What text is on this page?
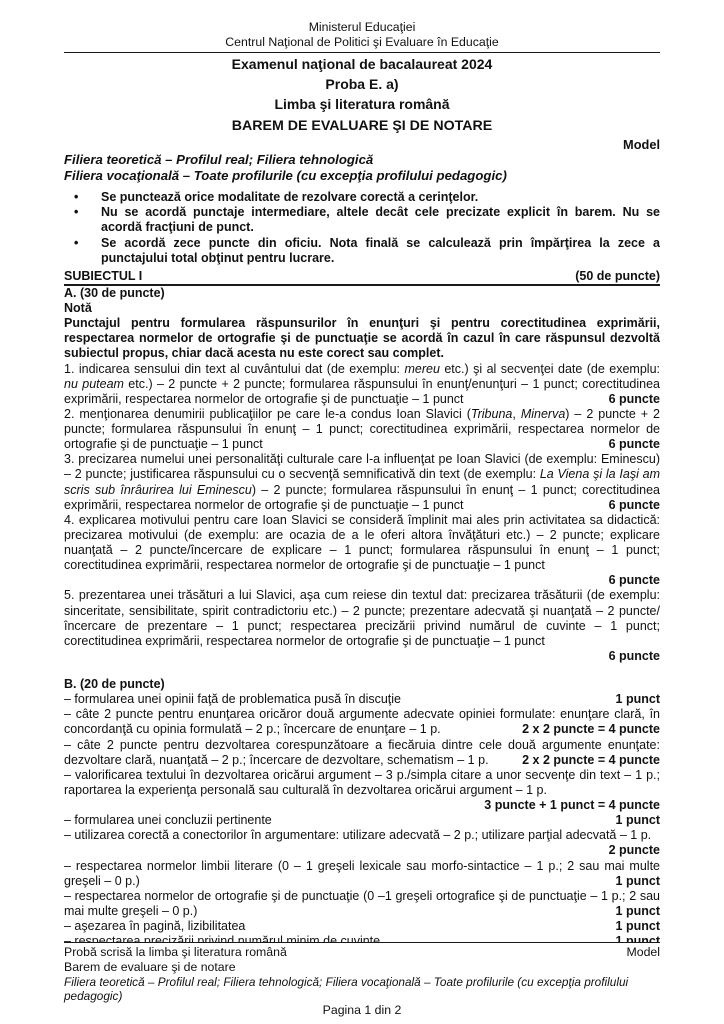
Ministerul Educaţiei
Centrul Naţional de Politici şi Evaluare în Educaţie
Examenul naţional de bacalaureat 2024
Proba E. a)
Limba şi literatura română
BAREM DE EVALUARE ŞI DE NOTARE
Model
Filiera teoretică – Profilul real; Filiera tehnologică
Filiera vocaţională – Toate profilurile (cu excepţia profilului pedagogic)
• Se punctează orice modalitate de rezolvare corectă a cerinţelor.
• Nu se acordă punctaje intermediare, altele decât cele precizate explicit în barem. Nu se acordă fracţiuni de punct.
• Se acordă zece puncte din oficiu. Nota finală se calculează prin împărţirea la zece a punctajului total obţinut pentru lucrare.
SUBIECTUL I	(50 de puncte)
A. (30 de puncte)
Notă
Punctajul pentru formularea răspunsurilor în enunţuri şi pentru corectitudinea exprimării, respectarea normelor de ortografie şi de punctuaţie se acordă în cazul în care răspunsul dezvoltă subiectul propus, chiar dacă acesta nu este corect sau complet.
1. indicarea sensului din text al cuvântului dat (de exemplu: mereu etc.) şi al secvenţei date (de exemplu: nu puteam etc.) – 2 puncte + 2 puncte; formularea răspunsului în enunţ/enunţuri – 1 punct; corectitudinea exprimării, respectarea normelor de ortografie şi de punctuaţie – 1 punct	6 puncte
2. menţionarea denumirii publicaţiilor pe care le-a condus Ioan Slavici (Tribuna, Minerva) – 2 puncte + 2 puncte; formularea răspunsului în enunţ – 1 punct; corectitudinea exprimării, respectarea normelor de ortografie şi de punctuaţie – 1 punct	6 puncte
3. precizarea numelui unei personalităţi culturale care l-a influenţat pe Ioan Slavici (de exemplu: Eminescu) – 2 puncte; justificarea răspunsului cu o secvenţă semnificativă din text (de exemplu: La Viena şi la Iaşi am scris sub înrâurirea lui Eminescu) – 2 puncte; formularea răspunsului în enunţ – 1 punct; corectitudinea exprimării, respectarea normelor de ortografie şi de punctuaţie – 1 punct	6 puncte
4. explicarea motivului pentru care Ioan Slavici se consideră împlinit mai ales prin activitatea sa didactică: precizarea motivului (de exemplu: are ocazia de a le oferi altora învăţături etc.) – 2 puncte; explicare nuanţată – 2 puncte/încercare de explicare – 1 punct; formularea răspunsului în enunţ – 1 punct; corectitudinea exprimării, respectarea normelor de ortografie şi de punctuaţie – 1 punct
6 puncte
5. prezentarea unei trăsături a lui Slavici, aşa cum reiese din textul dat: precizarea trăsăturii (de exemplu: sinceritate, sensibilitate, spirit contradictoriu etc.) – 2 puncte; prezentare adecvată şi nuanţată – 2 puncte/ încercare de prezentare – 1 punct; respectarea precizării privind numărul de cuvinte – 1 punct; corectitudinea exprimării, respectarea normelor de ortografie şi de punctuaţie – 1 punct
6 puncte
B. (20 de puncte)
– formularea unei opinii faţă de problematica pusă în discuţie	1 punct
– câte 2 puncte pentru enunţarea oricăror două argumente adecvate opiniei formulate: enunţare clară, în concordanţă cu opinia formulată – 2 p.; încercare de enunţare – 1 p.	2 x 2 puncte = 4 puncte
– câte 2 puncte pentru dezvoltarea corespunzătoare a fiecăruia dintre cele două argumente enunţate: dezvoltare clară, nuanţată – 2 p.; încercare de dezvoltare, schematism – 1 p.	2 x 2 puncte = 4 puncte
– valorificarea textului în dezvoltarea oricărui argument – 3 p./simpla citare a unor secvenţe din text – 1 p.; raportarea la experienţa personală sau culturală în dezvoltarea oricărui argument – 1 p.
3 puncte + 1 punct = 4 puncte
– formularea unei concluzii pertinente	1 punct
– utilizarea corectă a conectorilor în argumentare: utilizare adecvată – 2 p.; utilizare parţial adecvată – 1 p.
2 puncte
– respectarea normelor limbii literare (0 – 1 greşeli lexicale sau morfo-sintactice – 1 p.; 2 sau mai multe greşeli – 0 p.)	1 punct
– respectarea normelor de ortografie şi de punctuaţie (0 –1 greşeli ortografice şi de punctuaţie – 1 p.; 2 sau mai multe greşeli – 0 p.)	1 punct
– aşezarea în pagină, lizibilitatea	1 punct
Probă scrisă la limba şi literatura română	Model
Barem de evaluare şi de notare
Filiera teoretică – Profilul real; Filiera tehnologică; Filiera vocaţională – Toate profilurile (cu excepţia profilului pedagogic)
Pagina 1 din 2
